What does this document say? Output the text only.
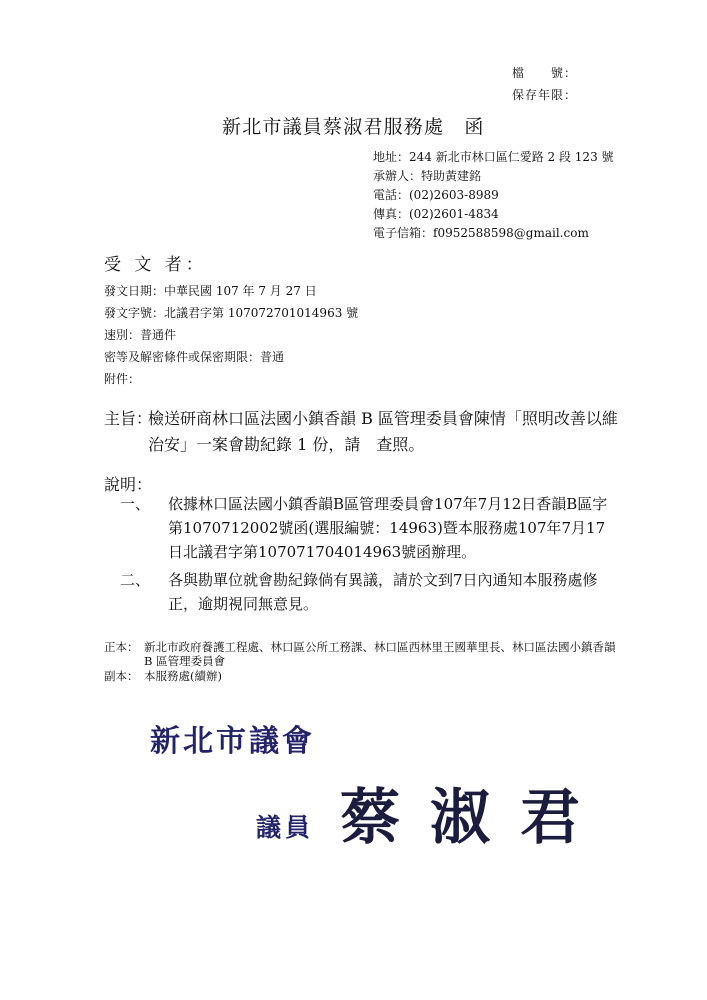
檔　　號：
保存年限：
新北市議員蔡淑君服務處　函
地址：244 新北市林口區仁愛路 2 段 123 號
承辦人：特助黃建銘
電話：(02)2603-8989
傳真：(02)2601-4834
電子信箱：f0952588598@gmail.com
受 文 者：
發文日期：中華民國 107 年 7 月 27 日
發文字號：北議君字第 107072701014963 號
速別：普通件
密等及解密條件或保密期限：普通
附件：
主旨：
檢送研商林口區法國小鎮香韻 B 區管理委員會陳情「照明改善以維治安」一案會勘紀錄 1 份，請　查照。
說明：
一、 依據林口區法國小鎮香韻B區管理委員會107年7月12日香韻B區字第1070712002號函(選服編號：14963)暨本服務處107年7月17日北議君字第107071704014963號函辦理。
二、 各與勘單位就會勘紀錄倘有異議，請於文到7日內通知本服務處修正，逾期視同無意見。
正本： 新北市政府養護工程處、林口區公所工務課、林口區西林里王國華里長、林口區法國小鎮香韻 B 區管理委員會
副本： 本服務處(續辦)
新北市議會
議員 蔡淑君
